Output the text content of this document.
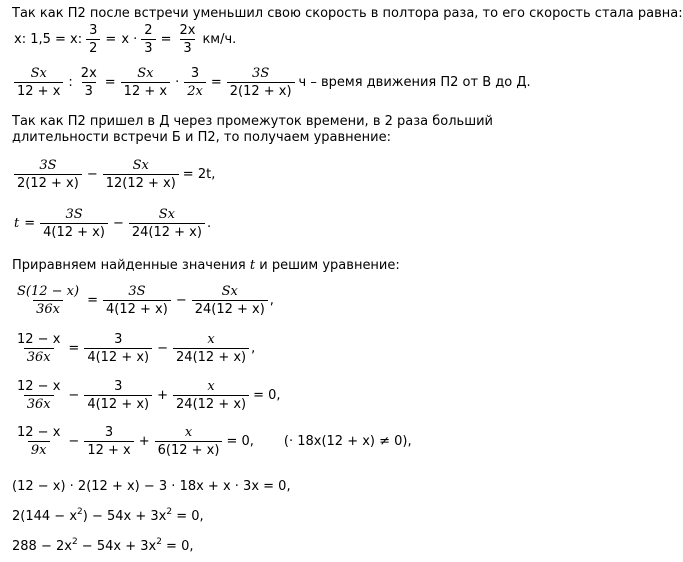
Так как П2 после встречи уменьшил свою скорость в полтора раза, то его скорость стала равна:
x: 1,5 = x: $\frac{3}{2} = x \cdot \frac{2}{3} = \frac{2x}{3} км/ч$.
$\frac{Sx}{12 + x}$ : $\frac{2x}{3} = \frac{Sx}{12 + x} \cdot \frac{3}{2x} = \frac{3S}{2(12 + x)}$ ч – время движения П2 от В до Д.
Так как П2 пришел в Д через промежуток времени, в 2 раза больший
длительности встречи Б и П2, то получаем уравнение:
$\frac{3S}{2(12 + x)} - \frac{Sx}{12(12 + x)} = 2t$,
$t = \frac{3S}{4(12 + x)} - \frac{Sx}{24(12 + x)}$ .
Приравняем найденные значения t и решим уравнение:
$\frac{S(12 - x)}{36x} = \frac{3S}{4(12 + x)} - \frac{Sx}{24(12 + x)}$ ,
$\frac{12 - x}{36x} = \frac{3}{4(12 + x)} - \frac{x}{24(12 + x)}$ ,
$\frac{12 - x}{36x} - \frac{3}{4(12 + x)} + \frac{x}{24(12 + x)} = 0$,
$\frac{12 - x}{9x} - \frac{3}{12 + x} + \frac{x}{6(12 + x)} = 0$, (· 18x(12 + x) ≠ 0),
(12 − x) · 2(12 + x) − 3 · 18x + x · 3x = 0,
$2(144 - x^2) - 54x + 3x^2 = 0$,
$288 - 2x^2 - 54x + 3x^2 = 0$,
